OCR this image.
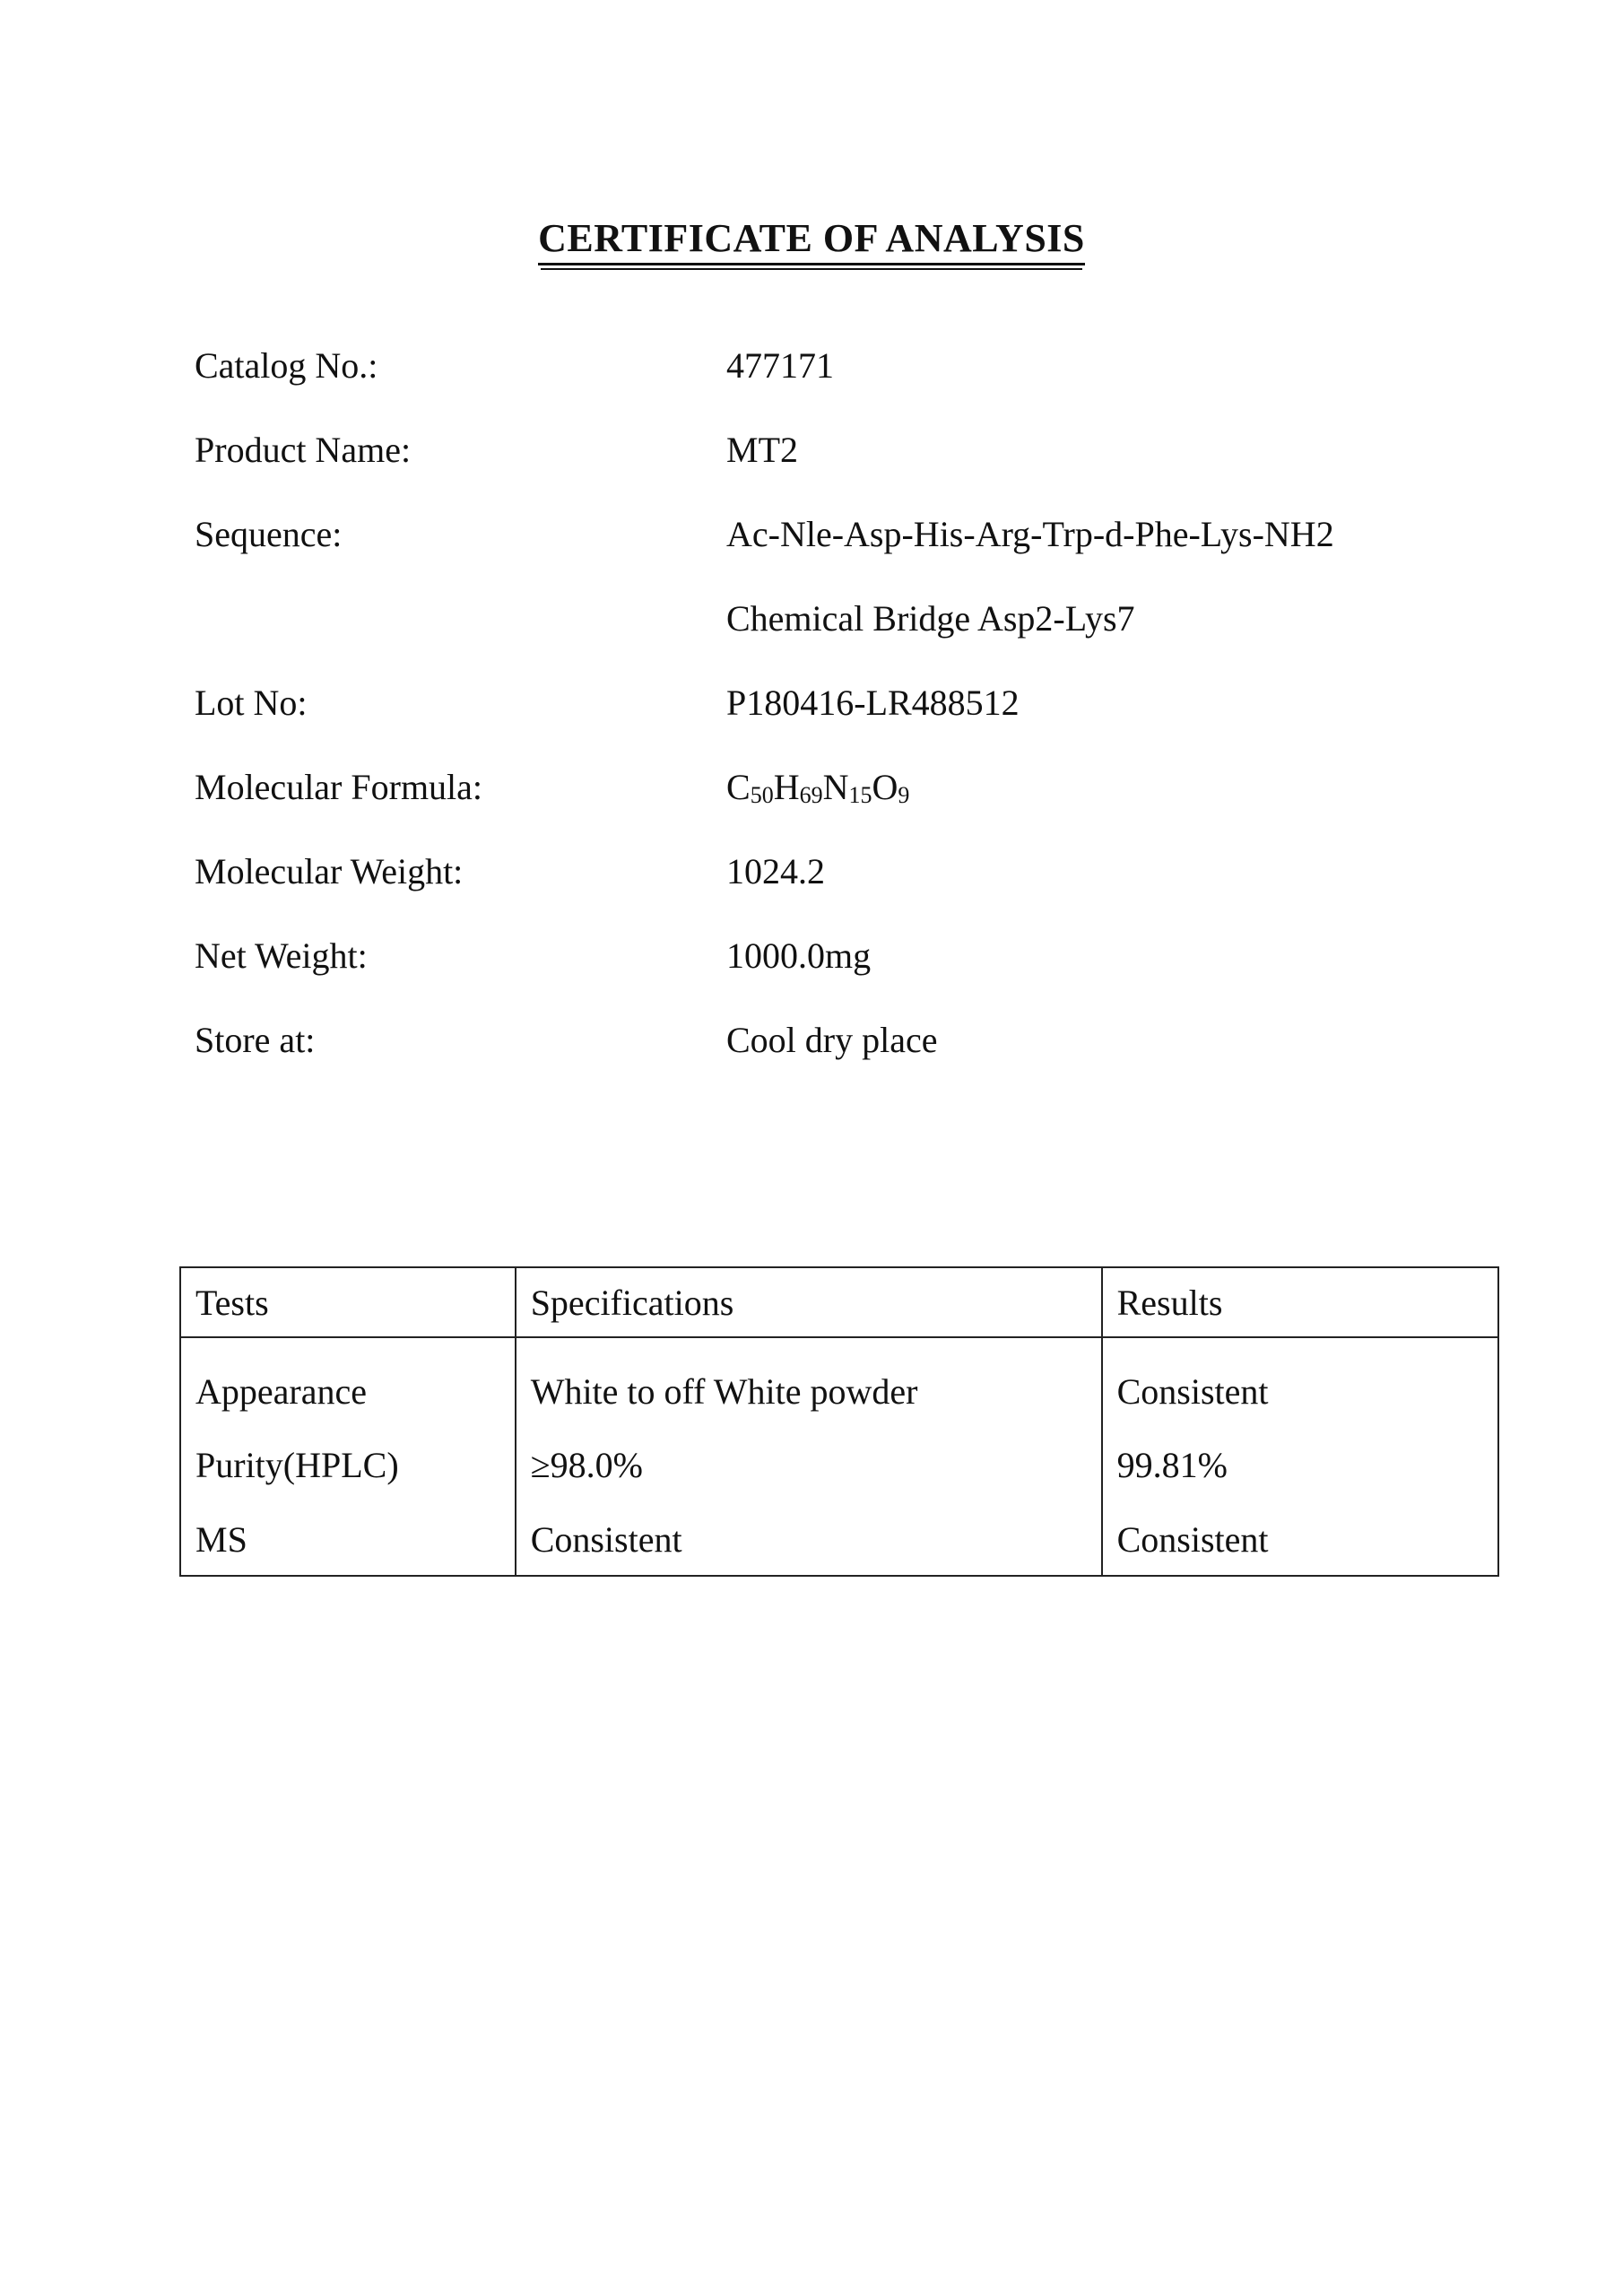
CERTIFICATE OF ANALYSIS
Catalog No.:	477171
Product Name:	MT2
Sequence:	Ac-Nle-Asp-His-Arg-Trp-d-Phe-Lys-NH2
Chemical Bridge Asp2-Lys7
Lot No:	P180416-LR488512
Molecular Formula:	$C_{50}H_{69}N_{15}O_9$
Molecular Weight:	1024.2
Net Weight:	1000.0mg
Store at:	Cool dry place
Tests	Specifications	Results
Appearance	White to off White powder	Consistent
Purity(HPLC)	≥98.0%	99.81%
MS	Consistent	Consistent
